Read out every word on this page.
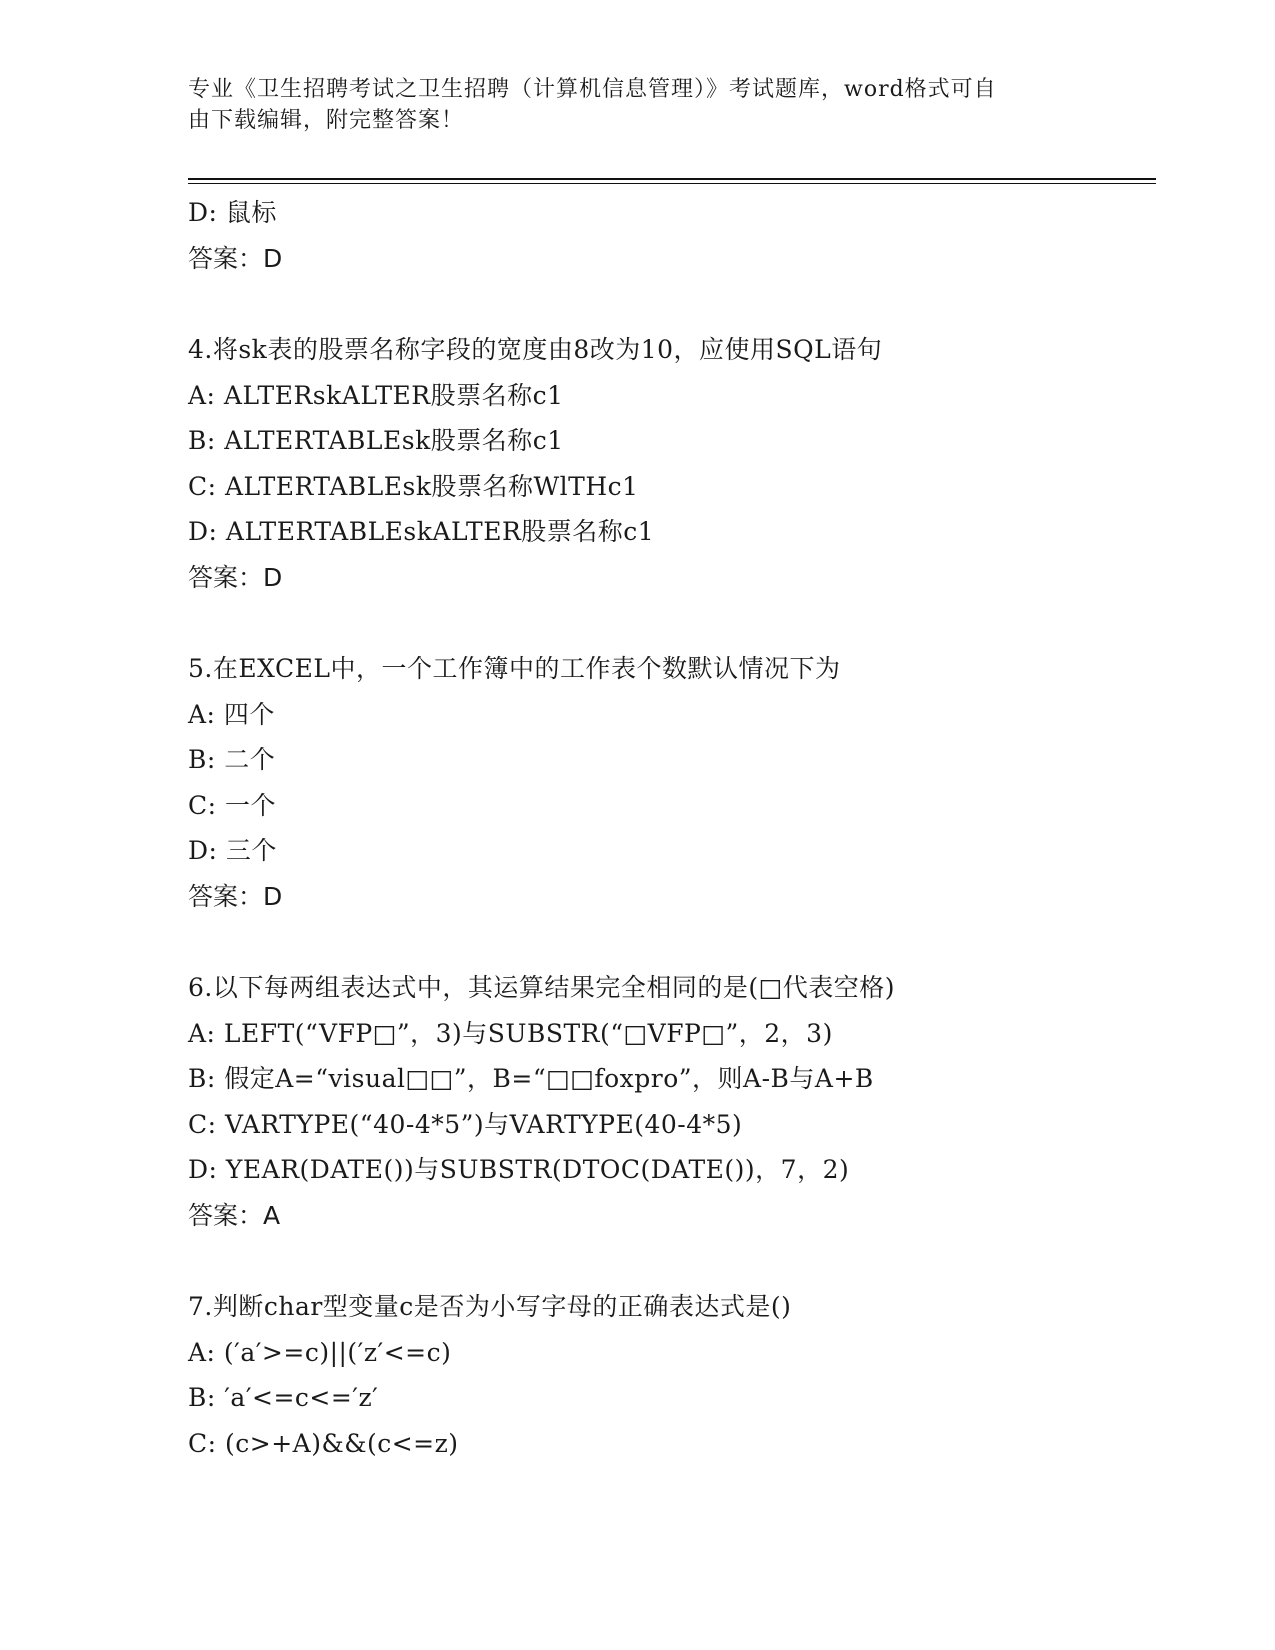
专业《卫生招聘考试之卫生招聘（计算机信息管理）》考试题库，word格式可自
由下载编辑，附完整答案！
D: 鼠标
答案：D
4.将sk表的股票名称字段的宽度由8改为10，应使用SQL语句
A: ALTERskALTER股票名称c1
B: ALTERTABLEsk股票名称c1
C: ALTERTABLEsk股票名称WlTHc1
D: ALTERTABLEskALTER股票名称c1
答案：D
5.在EXCEL中，一个工作簿中的工作表个数默认情况下为
A: 四个
B: 二个
C: 一个
D: 三个
答案：D
6.以下每两组表达式中，其运算结果完全相同的是(□代表空格)
A: LEFT(“VFP□”，3)与SUBSTR(“□VFP□”，2，3)
B: 假定A=“visual□□”，B=“□□foxpro”，则A-B与A+B
C: VARTYPE(“40-4*5”)与VARTYPE(40-4*5)
D: YEAR(DATE())与SUBSTR(DTOC(DATE())，7，2)
答案：A
7.判断char型变量c是否为小写字母的正确表达式是()
A: (′a′>=c)||(′z′<=c)
B: ′a′<=c<=′z′
C: (c>+A)&&(c<=z)
